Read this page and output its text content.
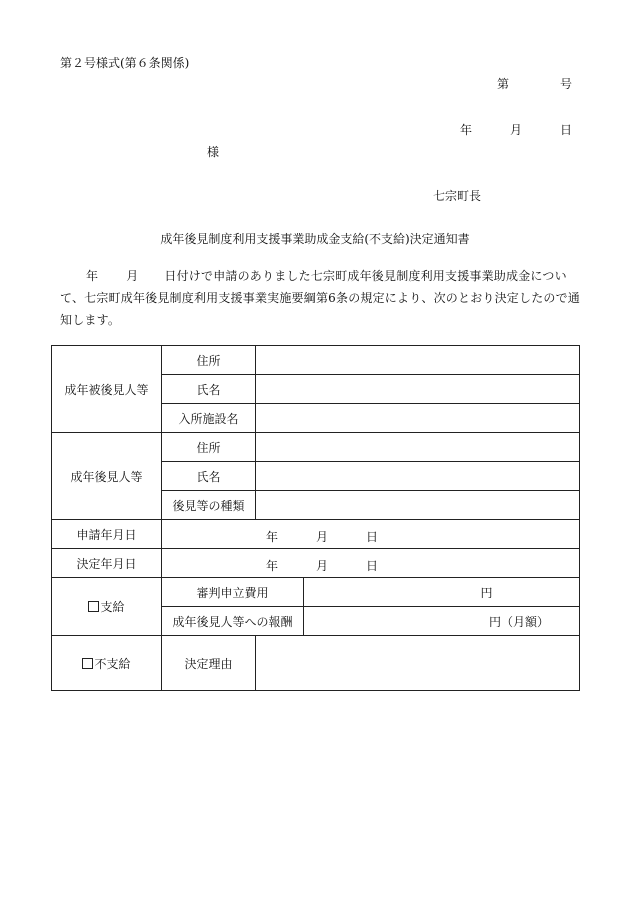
第２号様式(第６条関係)
第	号
年	月	日
様
七宗町長
成年後見制度利用支援事業助成金支給(不支給)決定通知書
年 月 日付けで申請のありました七宗町成年後見制度利用支援事業助成金について、七宗町成年後見制度利用支援事業実施要綱第6条の規定により、次のとおり決定したので通知します。
成年被後見人等	住所		
	氏名		
	入所施設名		
成年後見人等	住所		
	氏名		
	後見等の種類		
申請年月日	年 月 日		

決定年月日	年 月 日		

支給	審判申立費用		円
	成年後見人等への報酬		円（月額）
不支給	決定理由		
